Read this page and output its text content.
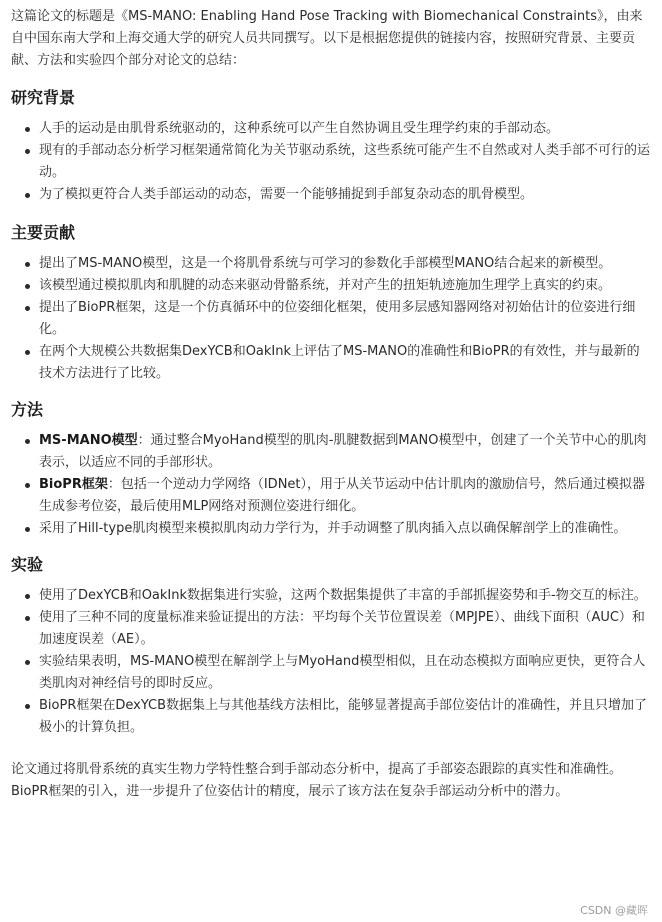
这篇论文的标题是《MS-MANO: Enabling Hand Pose Tracking with Biomechanical Constraints》，由来自中国东南大学和上海交通大学的研究人员共同撰写。以下是根据您提供的链接内容，按照研究背景、主要贡献、方法和实验四个部分对论文的总结：

研究背景
人手的运动是由肌骨系统驱动的，这种系统可以产生自然协调且受生理学约束的手部动态。
现有的手部动态分析学习框架通常简化为关节驱动系统，这些系统可能产生不自然或对人类手部不可行的运动。
为了模拟更符合人类手部运动的动态，需要一个能够捕捉到手部复杂动态的肌骨模型。
主要贡献
提出了MS-MANO模型，这是一个将肌骨系统与可学习的参数化手部模型MANO结合起来的新模型。
该模型通过模拟肌肉和肌腱的动态来驱动骨骼系统，并对产生的扭矩轨迹施加生理学上真实的约束。
提出了BioPR框架，这是一个仿真循环中的位姿细化框架，使用多层感知器网络对初始估计的位姿进行细化。
在两个大规模公共数据集DexYCB和OakInk上评估了MS-MANO的准确性和BioPR的有效性，并与最新的技术方法进行了比较。
方法
MS-MANO模型：通过整合MyoHand模型的肌肉-肌腱数据到MANO模型中，创建了一个关节中心的肌肉表示，以适应不同的手部形状。
BioPR框架：包括一个逆动力学网络（IDNet），用于从关节运动中估计肌肉的激励信号，然后通过模拟器生成参考位姿，最后使用MLP网络对预测位姿进行细化。
采用了Hill-type肌肉模型来模拟肌肉动力学行为，并手动调整了肌肉插入点以确保解剖学上的准确性。
实验
使用了DexYCB和OakInk数据集进行实验，这两个数据集提供了丰富的手部抓握姿势和手-物交互的标注。
使用了三种不同的度量标准来验证提出的方法：平均每个关节位置误差（MPJPE）、曲线下面积（AUC）和加速度误差（AE）。
实验结果表明，MS-MANO模型在解剖学上与MyoHand模型相似，且在动态模拟方面响应更快，更符合人类肌肉对神经信号的即时反应。
BioPR框架在DexYCB数据集上与其他基线方法相比，能够显著提高手部位姿估计的准确性，并且只增加了极小的计算负担。

论文通过将肌骨系统的真实生物力学特性整合到手部动态分析中，提高了手部姿态跟踪的真实性和准确性。BioPR框架的引入，进一步提升了位姿估计的精度，展示了该方法在复杂手部运动分析中的潜力。

CSDN @藏晖
